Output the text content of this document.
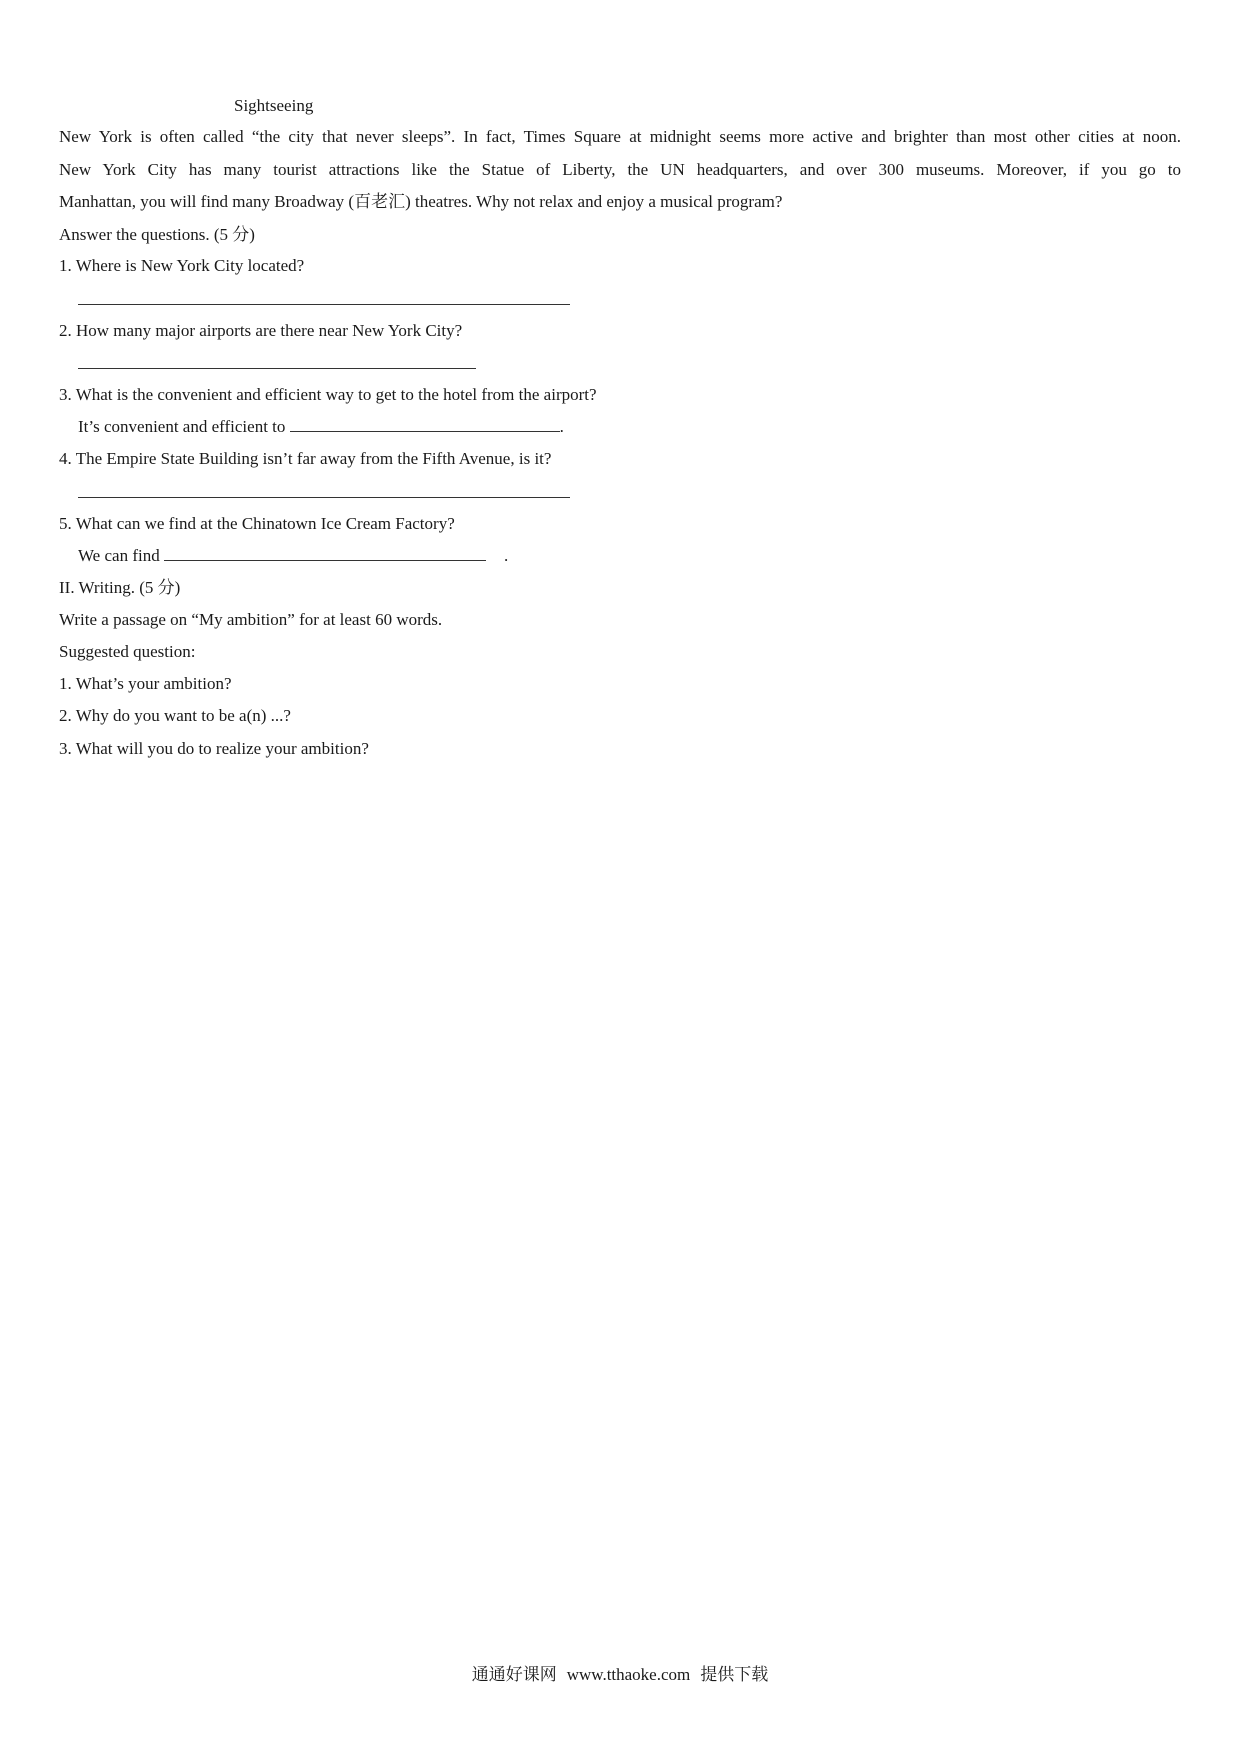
Sightseeing
New York is often called “the city that never sleeps”. In fact, Times Square at midnight seems more active and brighter than most other cities at noon.
New York City has many tourist attractions like the Statue of Liberty, the UN headquarters, and over 300 museums. Moreover, if you go to
Manhattan, you will find many Broadway (百老汇) theatres. Why not relax and enjoy a musical program?
Answer the questions. (5 分)
1. Where is New York City located?
2. How many major airports are there near New York City?
3. What is the convenient and efficient way to get to the hotel from the airport?
It’s convenient and efficient to	.
4. The Empire State Building isn’t far away from the Fifth Avenue, is it?
5. What can we find at the Chinatown Ice Cream Factory?
We can find	.
II. Writing. (5 分)
Write a passage on “My ambition” for at least 60 words.
Suggested question:
1. What’s your ambition?
2. Why do you want to be a(n) ...?
3. What will you do to realize your ambition?
通通好课网 www.tthaoke.com 提供下载
